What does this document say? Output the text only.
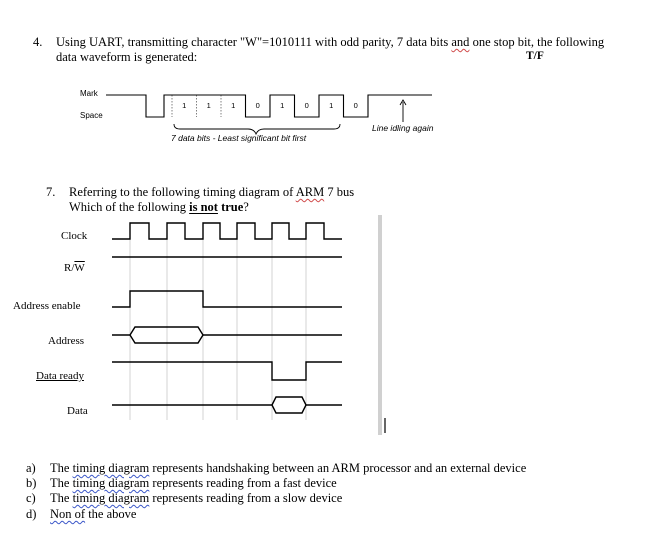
4. Using UART, transmitting character "W"=1010111 with odd parity, 7 data bits and one stop bit, the following
data waveform is generated:	T/F
Mark
Space
1	1	1	0	1	0	1	0
7 data bits - Least significant bit first
Line idling again
7. Referring to the following timing diagram of ARM 7 bus
Which of the following is not true?
Clock
$R/\overline{W}$
Address enable
Address
Data ready
Data
a) The timing diagram represents handshaking between an ARM processor and an external device
b) The timing diagram represents reading from a fast device
c) The timing diagram represents reading from a slow device
d) Non of the above
